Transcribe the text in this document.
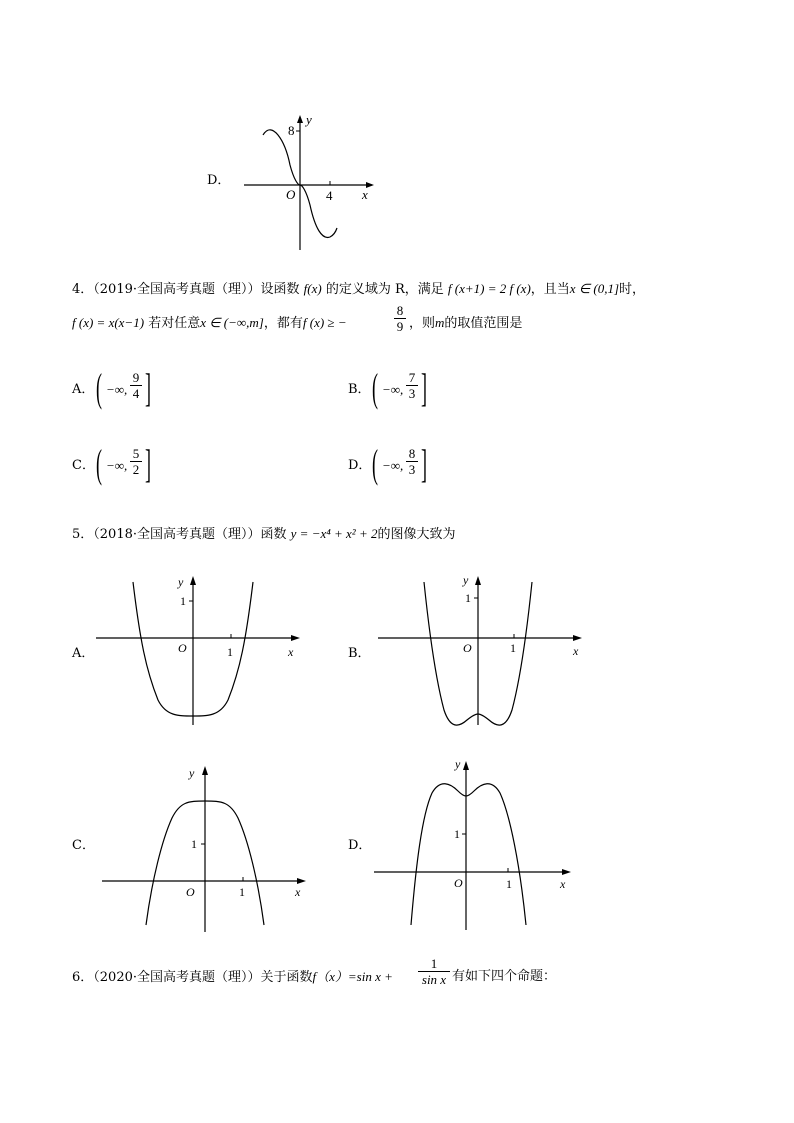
D．
8
y
O 4 x
4．（2019·全国高考真题（理））设函数 f(x) 的定义域为 R，满足 f (x+1) = 2 f (x)，且当x ∈ (0,1]时，
f (x) = x(x−1) 若对任意x ∈ (−∞,m]，都有f (x) ≥ −
8
9 ，则m的取值范围是
A． ( −∞,
9
4 ]	B． ( −∞,
7
3 ]
C． ( −∞,
5
2 ]	D． ( −∞,
8
3 ]
5．（2018·全国高考真题（理））函数 y = −x⁴ + x² + 2的图像大致为
A．
y
1
O	1	x	B．
y
1
O	1	x
C．
y
1
O	1	x
D．
y
1
O	1	x
6．（2020·全国高考真题（理））关于函数f（x）=sin x +
1
sin x 有如下四个命题：
